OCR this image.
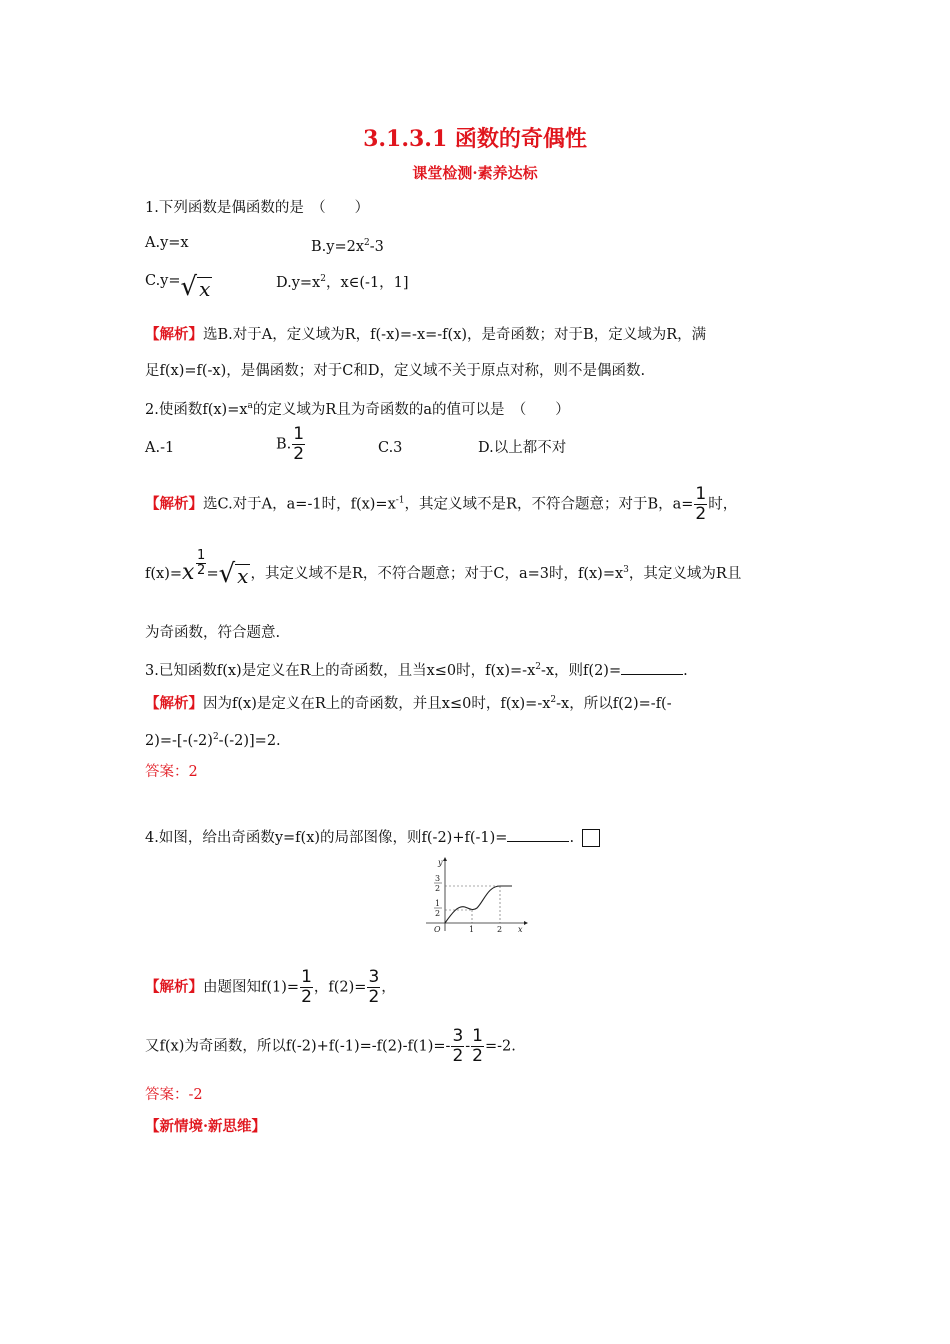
3.1.3.1 函数的奇偶性
课堂检测·素养达标
1.下列函数是偶函数的是　（　　）
A.y=x	$B.y=2x^2-3$
C.y= √ x	$D.y=x^2$，x∈(-1，1]
【解析】选B.对于A，定义域为R，f(-x)=-x=-f(x)，是奇函数；对于B，定义域为R，满
足f(x)=f(-x)，是偶函数；对于C和D，定义域不关于原点对称，则不是偶函数.
2.使函数$f(x)=x^a$的定义域为R且为奇函数的a的值可以是　（　　）
A.-1	B. $\frac{1}{2}$	C.3	D.以上都不对
【解析】选C.对于A，a=-1时，$f(x)=x^{-1}$，其定义域不是R，不符合题意；对于B，$a= \frac{1}{2}$ 时，
$f(x)=x \frac{1}{2}$ = √ x ，其定义域不是R，不符合题意；对于C，a=3时，$f(x)=x^3$，其定义域为R且
为奇函数，符合题意.
3.已知函数f(x)是定义在R上的奇函数，且当x≤0时，$f(x)=-x^2-x$，则f(2)=	.
【解析】因为f(x)是定义在R上的奇函数，并且x≤0时，$f(x)=-x^2-x$，所以f(2)=-f(-
$2)=-[-(-2)^2-(-2)]=2$.
答案：2
4.如图，给出奇函数y=f(x)的局部图像，则f(-2)+f(-1)=	.
y
x
O
3
2
1
2
1	2
【解析】由题图知$f(1)= \frac{1}{2}$ ，$f(2)= \frac{3}{2}$ ，
又f(x)为奇函数，所以$f(-2)+f(-1)=-f(2)-f(1)=- \frac{3}{2} - \frac{1}{2} =-2$.
答案：-2
【新情境·新思维】
